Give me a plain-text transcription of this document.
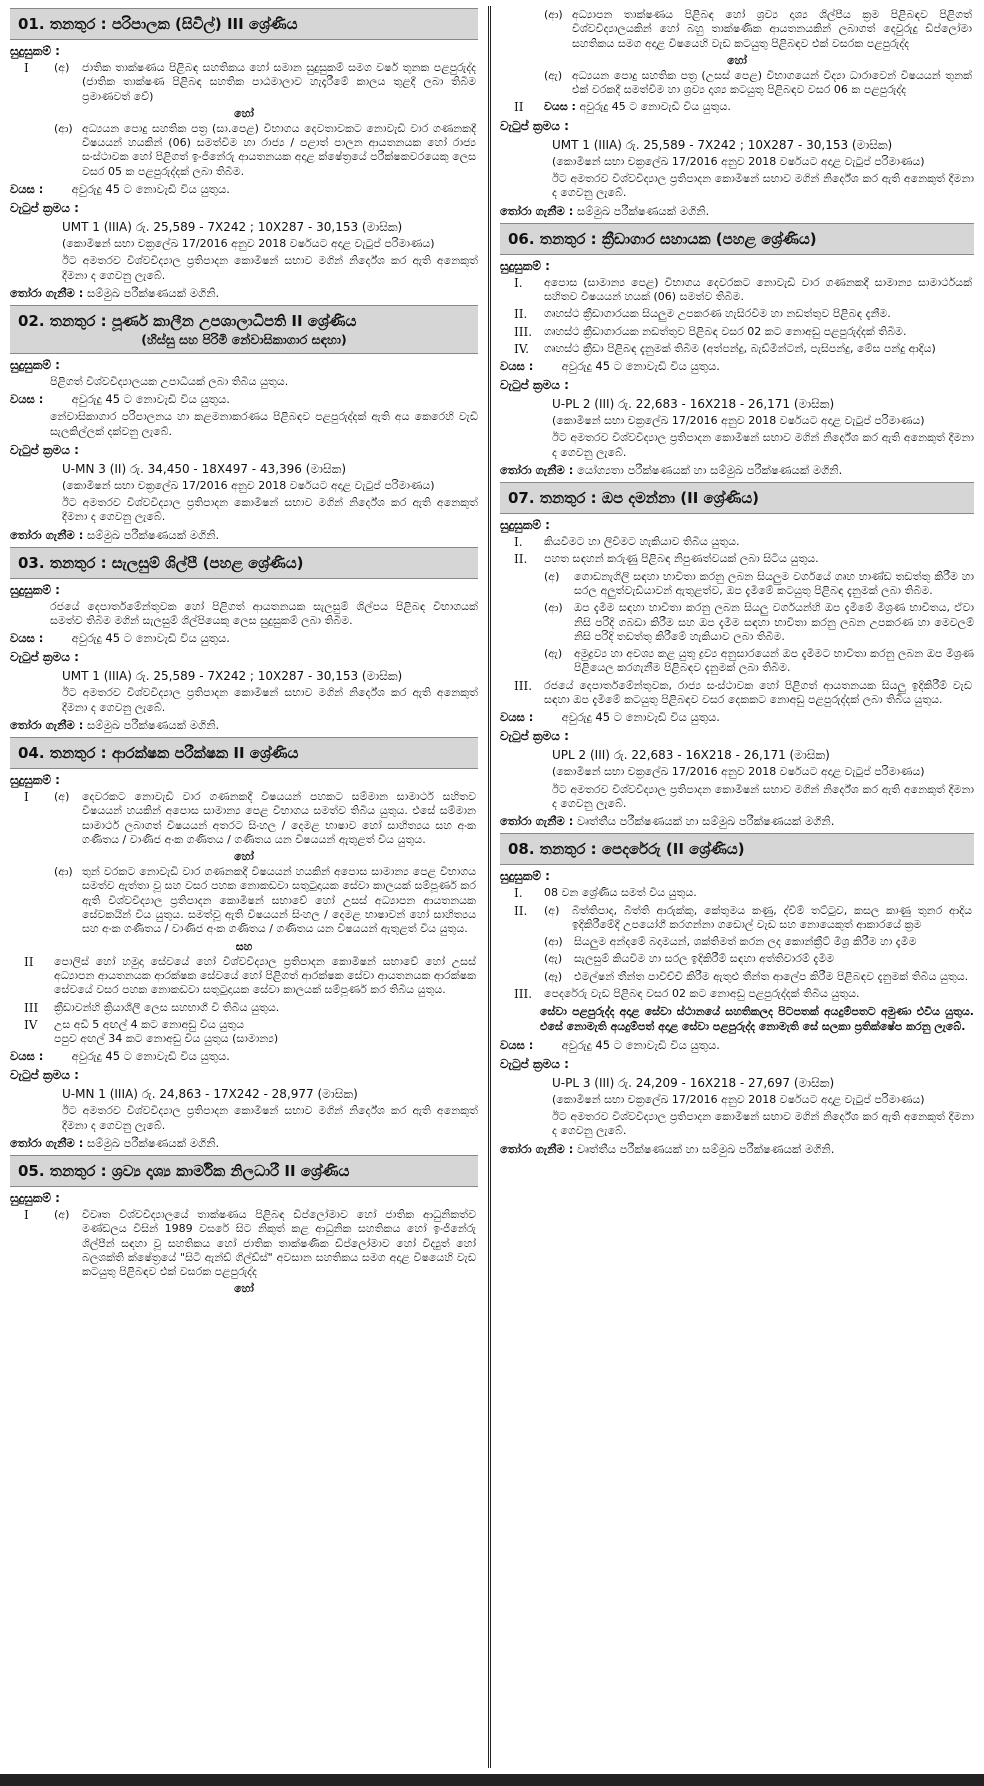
01. තනතුර : පරිපාලක (සිවිල්) III ශ්‍රේණිය
සුදුසුකම් :
I	(අ)	ජාතික තාක්ෂණය පිළිබඳ සහතිකය හෝ සමාන සුදුසුකම් සමග වර්ෂ තුනක පළපුරුද්ද (ජාතික තාක්ෂණ පිළිබඳ සහතික පාඨමාලාව හැදෑරීමේ කාලය තුළදී ලබා තිබීම ප්‍රමාණවත් වේ)
හෝ
(ආ) අධ්‍යයන පොදු සහතික පත්‍ර (සා.පෙළ) විභාගය දෙවතාවකට නොවැඩි වාර ගණනකදී විෂයයන් හයකින් (06) සමත්වීම හා රාජ්‍ය / පළාත් පාලන ආයතනයක හෝ රාජ්‍ය සංස්ථාවක හෝ පිළිගත් ඉංජිනේරු ආයතනයක අදාළ ක්ෂේත්‍රයේ පරීක්ෂකවරයෙකු ලෙස වසර 05 ක පළපුරුද්දක් ලබා තිබීම.
වයස : අවුරුදු 45 ට නොවැඩි විය යුතුය.
වැටුප් ක්‍රමය :
UMT 1 (IIIA) රු. 25,589 - 7X242 ; 10X287 - 30,153 (මාසික)
(කොමිෂන් සභා චක්‍රලේඛ 17/2016 අනුව 2018 වර්ෂයට අදාළ වැටුප් පරිමාණය)
ඊට අමතරව විශ්වවිද්‍යාල ප්‍රතිපාදන කොමිෂන් සභාව මගින් නිර්දේශ කර ඇති අනෙකුත් දීමනා ද ගෙවනු ලැබේ.
තෝරා ගැනීම : සම්මුඛ පරීක්ෂණයක් මගිනි.
02. තනතුර : පූර්ණ කාලීන උපශාලාධිපති II ශ්‍රේණිය
(හිස්සු සහ පිරිමි නේවාසිකාගාර සඳහා)
සුදුසුකම් :
පිළිගත් විශ්වවිද්‍යාලයක උපාධියක් ලබා තිබිය යුතුය.
වයස : අවුරුදු 45 ට නොවැඩි විය යුතුය.
නේවාසිකාගාර පරිපාලනය හා කළමනාකරණය පිළිබඳව පළපුරුද්දක් ඇති අය කෙරෙහි වැඩි සැලකිල්ලක් දක්වනු ලැබේ.
වැටුප් ක්‍රමය :
U-MN 3 (II) රු. 34,450 - 18X497 - 43,396 (මාසික)
(කොමිෂන් සභා චක්‍රලේඛ 17/2016 අනුව 2018 වර්ෂයට අදාළ වැටුප් පරිමාණය)
ඊට අමතරව විශ්වවිද්‍යාල ප්‍රතිපාදන කොමිෂන් සභාව මගින් නිර්දේශ කර ඇති අනෙකුත් දීමනා ද ගෙවනු ලැබේ.
තෝරා ගැනීම : සම්මුඛ පරීක්ෂණයක් මගිනි.
03. තනතුර : සැලසුම් ශිල්පී (පහළ ශ්‍රේණිය)
සුදුසුකම් :
රජයේ දෙපාර්තමේන්තුවක හෝ පිළිගත් ආයතනයක සැලසුම් ශිල්පය පිළිබඳ විභාගයක් සමත්ව තිබීම මගින් සැලසුම් ශිල්පියෙකු ලෙස සුදුසුකම් ලබා තිබීම.
වයස : අවුරුදු 45 ට නොවැඩි විය යුතුය.
වැටුප් ක්‍රමය :
UMT 1 (IIIA) රු. 25,589 - 7X242 ; 10X287 - 30,153 (මාසික)
ඊට අමතරව විශ්වවිද්‍යාල ප්‍රතිපාදන කොමිෂන් සභාව මගින් නිර්දේශ කර ඇති අනෙකුත් දීමනා ද ගෙවනු ලැබේ.
තෝරා ගැනීම : සම්මුඛ පරීක්ෂණයක් මගිනි.
04. තනතුර : ආරක්ෂක පරීක්ෂක II ශ්‍රේණිය
සුදුසුකම් :
I	(අ)	දෙවරකට නොවැඩි වාර ගණනකදී විෂයයන් පහකට සම්මාන සාමාර්ථ සහිතව විෂයයන් හයකින් අපොස සාමාන්‍ය පෙළ විභාගය සමත්ව තිබිය යුතුය. එසේ සම්මාන සාමාර්ථ ලබාගත් විෂයයන් අතරට සිංහල / දෙමළ භාෂාව හෝ සාහිත්‍යය සහ අංක ගණිතය / වාණිජ අංක ගණිතය / ගණිතය යන විෂයයන් ඇතුළත් විය යුතුය.
හෝ
(ආ) තුන් වරකට නොවැඩි වාර ගණනකදී විෂයයන් හයකින් අපොස සාමාන්‍ය පෙළ විභාගය සමත්ව ඇත්තා වූ සහ වසර පහක නොකඩවා සතුටුදායක සේවා කාලයක් සම්පූර්ණ කර ඇති විශ්වවිද්‍යාල ප්‍රතිපාදන කොමිෂන් සභාවේ හෝ උසස් අධ්‍යාපන ආයතනයක සේවකයින් විය යුතුය. සමත්වූ ඇති විෂයයන් සිංහල / දෙමළ භාෂාවන් හෝ සාහිත්‍යය සහ අංක ගණිතය / වාණිජ අංක ගණිතය / ගණිතය යන විෂයයන් ඇතුළත් විය යුතුය.
සහ
II	පොලිස් හෝ හමුදා සේවයේ හෝ විශ්වවිද්‍යාල ප්‍රතිපාදන කොමිෂන් සභාවේ හෝ උසස් අධ්‍යාපන ආයතනයක ආරක්ෂක සේවයේ හෝ පිළිගත් ආරක්ෂක සේවා ආයතනයක ආරක්ෂක සේවයේ වසර පහක නොකඩවා සතුටුදායක සේවා කාලයක් සම්පූර්ණ කර තිබිය යුතුය.
III	ක්‍රීඩාවන්හි ක්‍රියාශීලී ලෙස සහභාගී වී තිබිය යුතුය.
IV	උස අඩි 5 අඟල් 4 කට නොඅඩු විය යුතුය
පපුව අඟල් 34 කට නොඅඩු විය යුතුය (සාමාන්‍ය)
වයස : අවුරුදු 45 ට නොවැඩි විය යුතුය.
වැටුප් ක්‍රමය :
U-MN 1 (IIIA) රු. 24,863 - 17X242 - 28,977 (මාසික)
ඊට අමතරව විශ්වවිද්‍යාල ප්‍රතිපාදන කොමිෂන් සභාව මගින් නිර්දේශ කර ඇති අනෙකුත් දීමනා ද ගෙවනු ලැබේ.
තෝරා ගැනීම : සම්මුඛ පරීක්ෂණයක් මගිනි.
05. තනතුර : ශ්‍රව්‍ය දෘශ්‍ය කාර්මික නිලධාරී II ශ්‍රේණිය
සුදුසුකම් :
I	(අ)	විවෘත විශ්වවිද්‍යාලයේ තාක්ෂණය පිළිබඳ ඩිප්ලෝමාව හෝ ජාතික ආධුනිකත්ව මණ්ඩලය විසින් 1989 වසරේ සිට නිකුත් කළ ආධුනික සහතිකය හෝ ඉංජිනේරු ශිල්පීන් සඳහා වූ සහතිකය හෝ ජාතික තාක්ෂණික ඩිප්ලෝමාව හෝ විද්‍යුත් හෝ බලශක්ති ක්ෂේත්‍රයේ "සිටි ඇන්ඩ් ගිල්ඩ්ස්" අවසාන සහතිකය සමග අදාළ විෂයෙහි වැඩ කටයුතු පිළිබඳව එක් වසරක පළපුරුද්ද
හෝ
(ආ) අධ්‍යාපන තාක්ෂණය පිළිබඳ හෝ ශ්‍රව්‍ය දෘශ්‍ය ශිල්පීය ක්‍රම පිළිබඳව පිළිගත් විශ්වවිද්‍යාලයකින් හෝ බහු තාක්ෂණික ආයතනයකින් ලබාගත් දෙවුරුදු ඩිප්ලෝමා සහතිකය සමග අදාළ විෂයෙහි වැඩ කටයුතු පිළිබඳව එක් වසරක පළපුරුද්ද
හෝ
(ඇ) අධ්‍යයන පොදු සහතික පත්‍ර (උසස් පෙළ) විභාගයෙන් විද්‍යා ධාරාවෙන් විෂයයන් තුනක් එක් වරකදී සමත්වීම හා ශ්‍රව්‍ය දෘශ්‍ය කටයුතු පිළිබඳව වසර 06 ක පළපුරුද්ද
II	වයස : අවුරුදු 45 ට නොවැඩි විය යුතුය.
වැටුප් ක්‍රමය :
UMT 1 (IIIA) රු. 25,589 - 7X242 ; 10X287 - 30,153 (මාසික)
(කොමිෂන් සභා චක්‍රලේඛ 17/2016 අනුව 2018 වර්ෂයට අදාළ වැටුප් පරිමාණය)
ඊට අමතරව විශ්වවිද්‍යාල ප්‍රතිපාදන කොමිෂන් සභාව මගින් නිර්දේශ කර ඇති අනෙකුත් දීමනා ද ගෙවනු ලැබේ.
තෝරා ගැනීම : සම්මුඛ පරීක්ෂණයක් මගිනි.
06. තනතුර : ක්‍රීඩාගාර සහායක (පහළ ශ්‍රේණිය)
සුදුසුකම් :
I.	අපොස (සාමාන්‍ය පෙළ) විභාගය දෙවරකට නොවැඩි වාර ගණනකදී සාමාන්‍ය සාමාර්ථයක් සහිතව විෂයයන් හයක් (06) සමත්ව තිබීම.
II.	ගෘහස්ථ ක්‍රීඩාගාරයක සියලුම උපකරණ හැසිරවීම හා නඩත්තුව පිළිබඳ දැනීම.
III.	ගෘහස්ථ ක්‍රීඩාගාරයක නඩත්තුව පිළිබඳ වසර 02 කට නොඅඩු පළපුරුද්දක් තිබීම.
IV.	ගෘහස්ථ ක්‍රීඩා පිළිබඳ දැනුමක් තිබීම (අත්පන්දු, බැඩ්මින්ටන්, පැසිපන්දු, මේස පන්දු ආදිය)
වයස : අවුරුදු 45 ට නොවැඩි විය යුතුය.
වැටුප් ක්‍රමය :
U-PL 2 (III) රු. 22,683 - 16X218 - 26,171 (මාසික)
(කොමිෂන් සභා චක්‍රලේඛ 17/2016 අනුව 2018 වර්ෂයට අදාළ වැටුප් පරිමාණය)
ඊට අමතරව විශ්වවිද්‍යාල ප්‍රතිපාදන කොමිෂන් සභාව මගින් නිර්දේශ කර ඇති අනෙකුත් දීමනා ද ගෙවනු ලැබේ.
තෝරා ගැනීම : යෝග්‍යතා පරීක්ෂණයක් හා සම්මුඛ පරීක්ෂණයක් මගිනි.
07. තනතුර : ඔප දමන්නා (II ශ්‍රේණිය)
සුදුසුකම් :
I.	කියවීමට හා ලිවීමට හැකියාව තිබිය යුතුය.
II.	පහත සඳහන් කරුණු පිළිබඳ නිපුණත්වයක් ලබා සිටිය යුතුය.
(අ)	ගොඩනැගිලි සඳහා භාවිතා කරනු ලබන සියලුම වර්ගයේ ගෘහ භාණ්ඩ තඩත්තු කිරීම හා සරල අලුත්වැඩියාවන් ඇතුළත්ව, ඔප දැමීමේ කටයුතු පිළිබඳ දැනුමක් ලබා තිබීම.
(ආ)	ඔප දැමීම සඳහා භාවිතා කරනු ලබන සියලු වර්ගයන්හි ඔප දැමීමේ මිශ්‍රණ භාවිතය, ඒවා නිසි පරිදි ගබඩා කිරීම සහ ඔප දැමීම සඳහා භාවිතා කරනු ලබන උපකරණ හා මෙවලම් නිසි පරිදි තඩත්තු කිරීමේ හැකියාව ලබා තිබීම.
(ඇ)	අමුද්‍රව්‍ය හා අවශ්‍ය කළ යුතු ද්‍රව්‍ය අනුසාරයෙන් ඔප දැමීමට භාවිතා කරනු ලබන ඔප මිශ්‍රණ පිළියෙල කරගැනීම පිළිබඳව දැනුමක් ලබා තිබීම.
III.	රජයේ දෙපාර්තමේන්තුවක, රාජ්‍ය සංස්ථාවක හෝ පිළිගත් ආයතනයක සියලු ඉදිකිරීම් වැඩ සඳහා ඔප දැමීමේ කටයුතු පිළිබඳව වසර දෙකකට නොඅඩු පළපුරුද්දක් ලබා තිබිය යුතුය.
වයස : අවුරුදු 45 ට නොවැඩි විය යුතුය.
වැටුප් ක්‍රමය :
UPL 2 (III) රු. 22,683 - 16X218 - 26,171 (මාසික)
(කොමිෂන් සභා චක්‍රලේඛ 17/2016 අනුව 2018 වර්ෂයට අදාළ වැටුප් පරිමාණය)
ඊට අමතරව විශ්වවිද්‍යාල ප්‍රතිපාදන කොමිෂන් සභාව මගින් නිර්දේශ කර ඇති අනෙකුත් දීමනා ද ගෙවනු ලැබේ.
තෝරා ගැනීම : වෘත්තීය පරීක්ෂණයක් හා සම්මුඛ පරීක්ෂණයක් මගිනි.
08. තනතුර : පෙදරේරු (II ශ්‍රේණිය)
සුදුසුකම් :
I.	08 වන ශ්‍රේණිය සමත් විය යුතුය.
II.	(අ)	බිත්තිපාද, බිත්ති ආරුක්කු, කේතුමය කණු, ද්වීම් තට්ටුව, කසල කාණු තුනර ආදිය ඉදිකිරීමේදී උපයෝගී කරගන්නා ගඩොල් වැඩ සහ නොයෙකුත් ආකාරයේ ක්‍රම
(ආ)	සියලුම අන්දමේ බදාමයන්, ශක්තිමත් කරන ලද කොන්ක්‍රීට් මිශ්‍ර කිරීම හා දැමීම
(ඇ)	සැලසුම් කියවීම හා සරල ඉදිකිරීම් සඳහා අත්තිවාරම් දැමීම
(ඈ)	එමල්ෂන් තීන්ත පාවිච්චි කිරීම ඇතුළු තීන්ත ආලේප කිරීම පිළිබඳව දැනුමක් තිබිය යුතුය.
III.	පෙදරේරු වැඩ පිළිබඳ වසර 02 කට නොඅඩු පළපුරුද්දක් තිබිය යුතුය.
සේවා පළපුරුද්ද අදාළ සේවා ස්ථානයේ සහතිකලද පිටපතක් අයදුම්පතට අමුණා එවිය යුතුය. එසේ නොමැති අයදුම්පත් අදාළ සේවා පළපුරුද්ද නොමැති සේ සලකා ප්‍රතික්ෂේප කරනු ලැබේ.
වයස : අවුරුදු 45 ට නොවැඩි විය යුතුය.
වැටුප් ක්‍රමය :
U-PL 3 (III) රු. 24,209 - 16X218 - 27,697 (මාසික)
(කොමිෂන් සභා චක්‍රලේඛ 17/2016 අනුව 2018 වර්ෂයට අදාළ වැටුප් පරිමාණය)
ඊට අමතරව විශ්වවිද්‍යාල ප්‍රතිපාදන කොමිෂන් සභාව මගින් නිර්දේශ කර ඇති අනෙකුත් දීමනා ද ගෙවනු ලැබේ.
තෝරා ගැනීම : වෘත්තීය පරීක්ෂණයක් හා සම්මුඛ පරීක්ෂණයක් මගිනි.
